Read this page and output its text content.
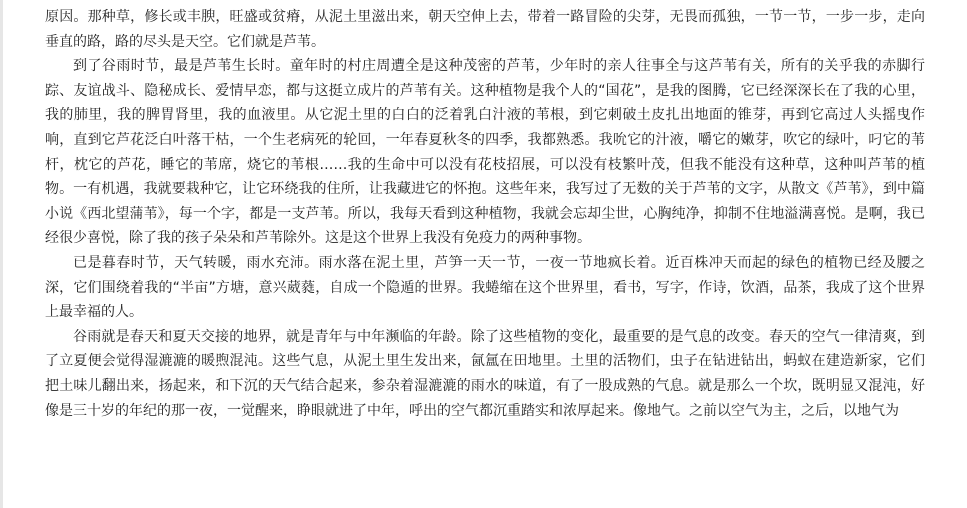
原因。那种草，修长或丰腴，旺盛或贫瘠，从泥土里滋出来，朝天空伸上去，带着一路冒险的尖芽，无畏而孤独，一节一节，一步一步，走向垂直的路，路的尽头是天空。它们就是芦苇。

到了谷雨时节，最是芦苇生长时。童年时的村庄周遭全是这种茂密的芦苇，少年时的亲人往事全与这芦苇有关，所有的关乎我的赤脚行踪、友谊战斗、隐秘成长、爱情早恋，都与这挺立成片的芦苇有关。这种植物是我个人的“国花”，是我的图腾，它已经深深长在了我的心里，我的肺里，我的脾胃肾里，我的血液里。从它泥土里的白白的泛着乳白汁液的苇根，到它刺破土皮扎出地面的锥芽，再到它高过人头摇曳作响，直到它芦花泛白叶落干枯，一个生老病死的轮回，一年春夏秋冬的四季，我都熟悉。我吮它的汁液，嚼它的嫩芽，吹它的绿叶，叼它的苇杆，枕它的芦花，睡它的苇席，烧它的苇根……我的生命中可以没有花枝招展，可以没有枝繁叶茂，但我不能没有这种草，这种叫芦苇的植物。一有机遇，我就要栽种它，让它环绕我的住所，让我藏进它的怀抱。这些年来，我写过了无数的关于芦苇的文字，从散文《芦苇》，到中篇小说《西北望蒲苇》，每一个字，都是一支芦苇。所以，我每天看到这种植物，我就会忘却尘世，心胸纯净，抑制不住地溢满喜悦。是啊，我已经很少喜悦，除了我的孩子朵朵和芦苇除外。这是这个世界上我没有免疫力的两种事物。

已是暮春时节，天气转暖，雨水充沛。雨水落在泥土里，芦笋一天一节，一夜一节地疯长着。近百株冲天而起的绿色的植物已经及腰之深，它们围绕着我的“半亩”方塘，意兴葳蕤，自成一个隐遁的世界。我蜷缩在这个世界里，看书，写字，作诗，饮酒，品茶，我成了这个世界上最幸福的人。

谷雨就是春天和夏天交接的地界，就是青年与中年濒临的年龄。除了这些植物的变化，最重要的是气息的改变。春天的空气一律清爽，到了立夏便会觉得湿漉漉的暖煦混沌。这些气息，从泥土里生发出来，氤氲在田地里。土里的活物们，虫子在钻进钻出，蚂蚁在建造新家，它们把土味儿翻出来，扬起来，和下沉的天气结合起来，参杂着湿漉漉的雨水的味道，有了一股成熟的气息。就是那么一个坎，既明显又混沌，好像是三十岁的年纪的那一夜，一觉醒来，睁眼就进了中年，呼出的空气都沉重踏实和浓厚起来。像地气。之前以空气为主，之后，以地气为
